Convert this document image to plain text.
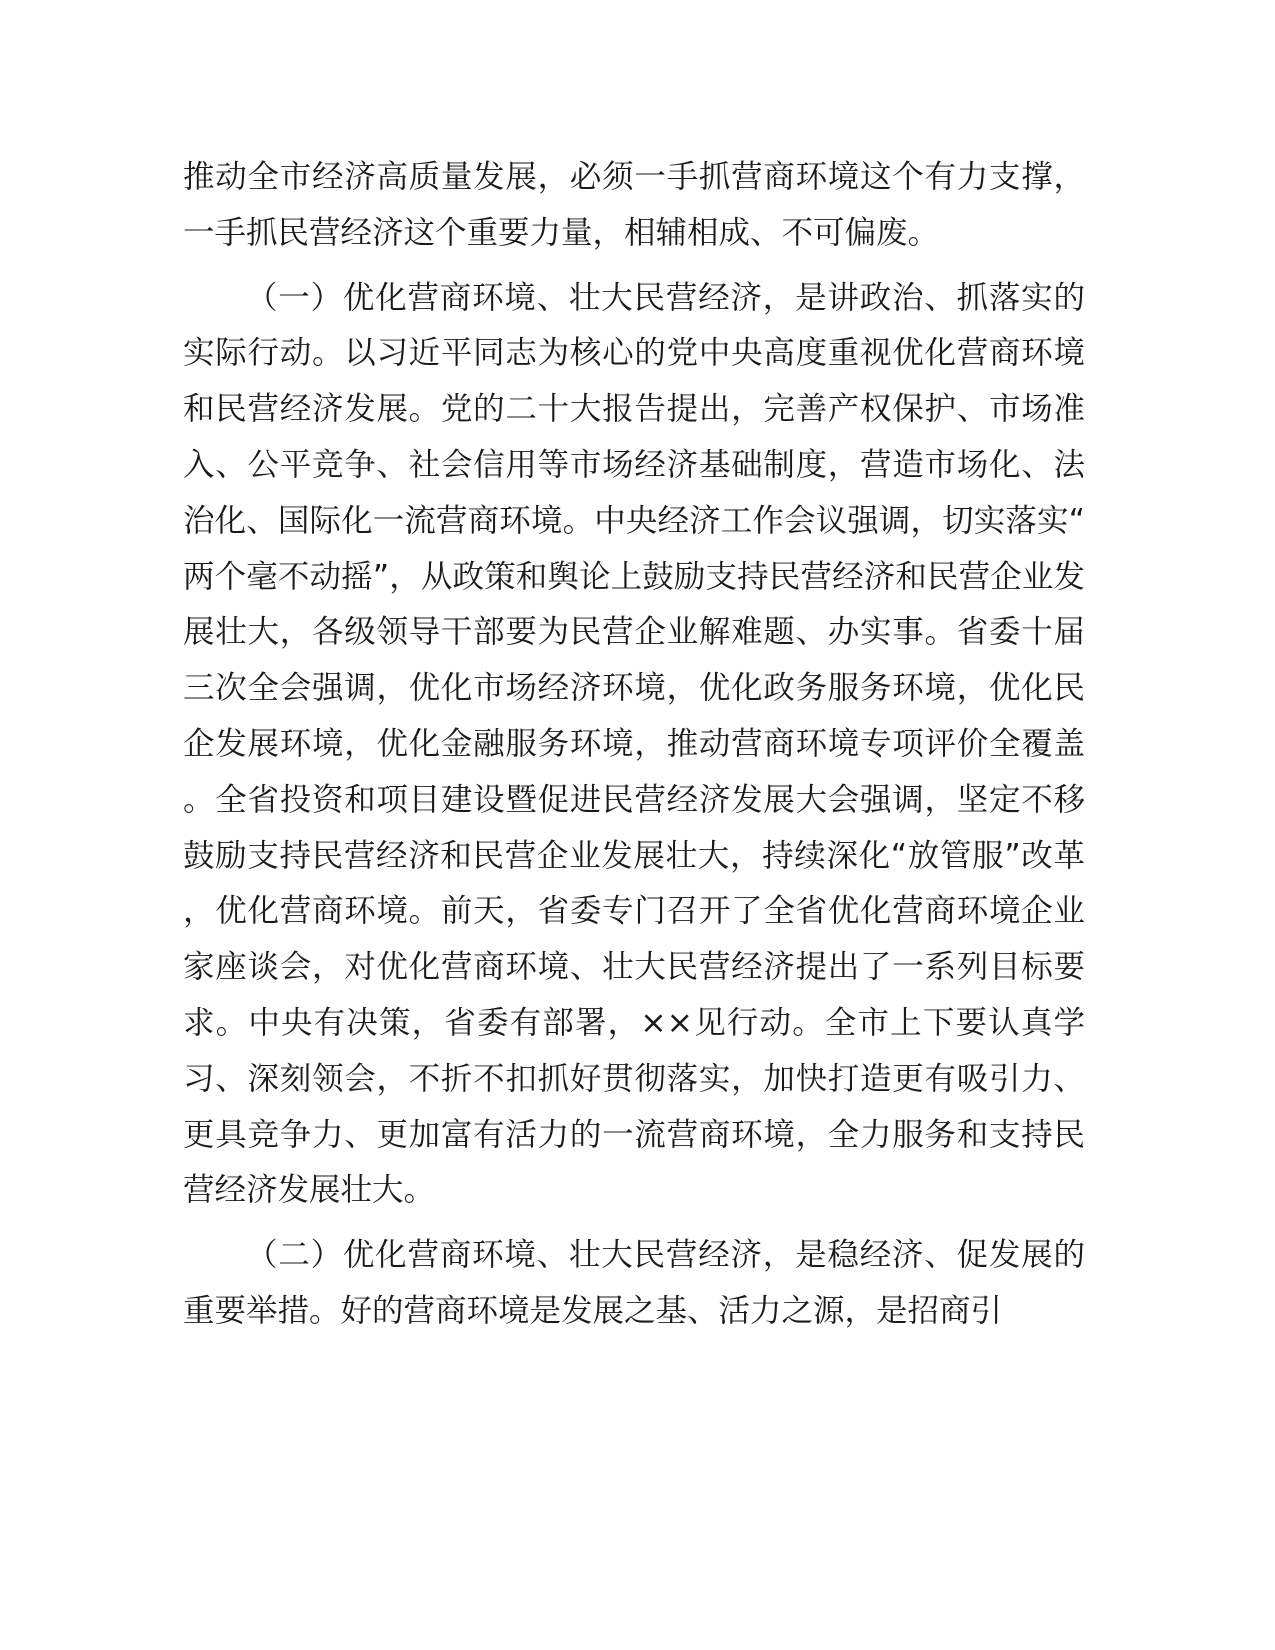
推动全市经济高质量发展，必须一手抓营商环境这个有力支撑，一手抓民营经济这个重要力量，相辅相成、不可偏废。

（一）优化营商环境、壮大民营经济，是讲政治、抓落实的实际行动。以习近平同志为核心的党中央高度重视优化营商环境和民营经济发展。党的二十大报告提出，完善产权保护、市场准入、公平竞争、社会信用等市场经济基础制度，营造市场化、法治化、国际化一流营商环境。中央经济工作会议强调，切实落实“两个毫不动摇”，从政策和舆论上鼓励支持民营经济和民营企业发展壮大，各级领导干部要为民营企业解难题、办实事。省委十届三次全会强调，优化市场经济环境，优化政务服务环境，优化民企发展环境，优化金融服务环境，推动营商环境专项评价全覆盖。全省投资和项目建设暨促进民营经济发展大会强调，坚定不移鼓励支持民营经济和民营企业发展壮大，持续深化“放管服”改革，优化营商环境。前天，省委专门召开了全省优化营商环境企业家座谈会，对优化营商环境、壮大民营经济提出了一系列目标要求。中央有决策，省委有部署，××见行动。全市上下要认真学习、深刻领会，不折不扣抓好贯彻落实，加快打造更有吸引力、更具竞争力、更加富有活力的一流营商环境，全力服务和支持民营经济发展壮大。

（二）优化营商环境、壮大民营经济，是稳经济、促发展的重要举措。好的营商环境是发展之基、活力之源，是招商引
